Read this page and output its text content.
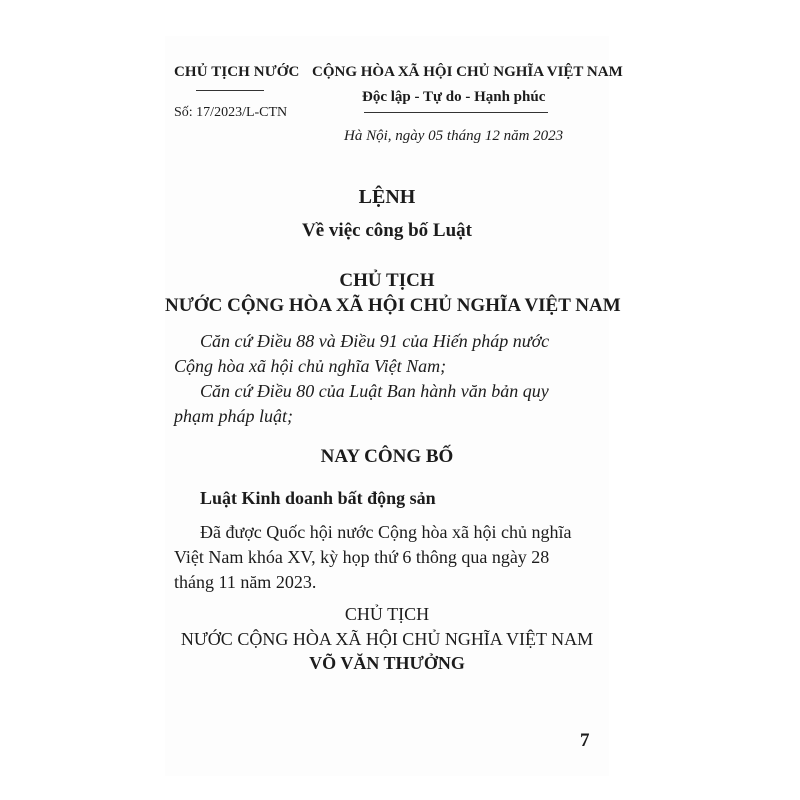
CHỦ TỊCH NƯỚC
Số: 17/2023/L-CTN
CỘNG HÒA XÃ HỘI CHỦ NGHĨA VIỆT NAM
Độc lập - Tự do - Hạnh phúc
Hà Nội, ngày 05 tháng 12 năm 2023
LỆNH
Về việc công bố Luật
CHỦ TỊCH
NƯỚC CỘNG HÒA XÃ HỘI CHỦ NGHĨA VIỆT NAM
Căn cứ Điều 88 và Điều 91 của Hiến pháp nước
Cộng hòa xã hội chủ nghĩa Việt Nam;
Căn cứ Điều 80 của Luật Ban hành văn bản quy
phạm pháp luật;
NAY CÔNG BỐ
Luật Kinh doanh bất động sản
Đã được Quốc hội nước Cộng hòa xã hội chủ nghĩa
Việt Nam khóa XV, kỳ họp thứ 6 thông qua ngày 28
tháng 11 năm 2023.
CHỦ TỊCH
NƯỚC CỘNG HÒA XÃ HỘI CHỦ NGHĨA VIỆT NAM
VÕ VĂN THƯỞNG
7
